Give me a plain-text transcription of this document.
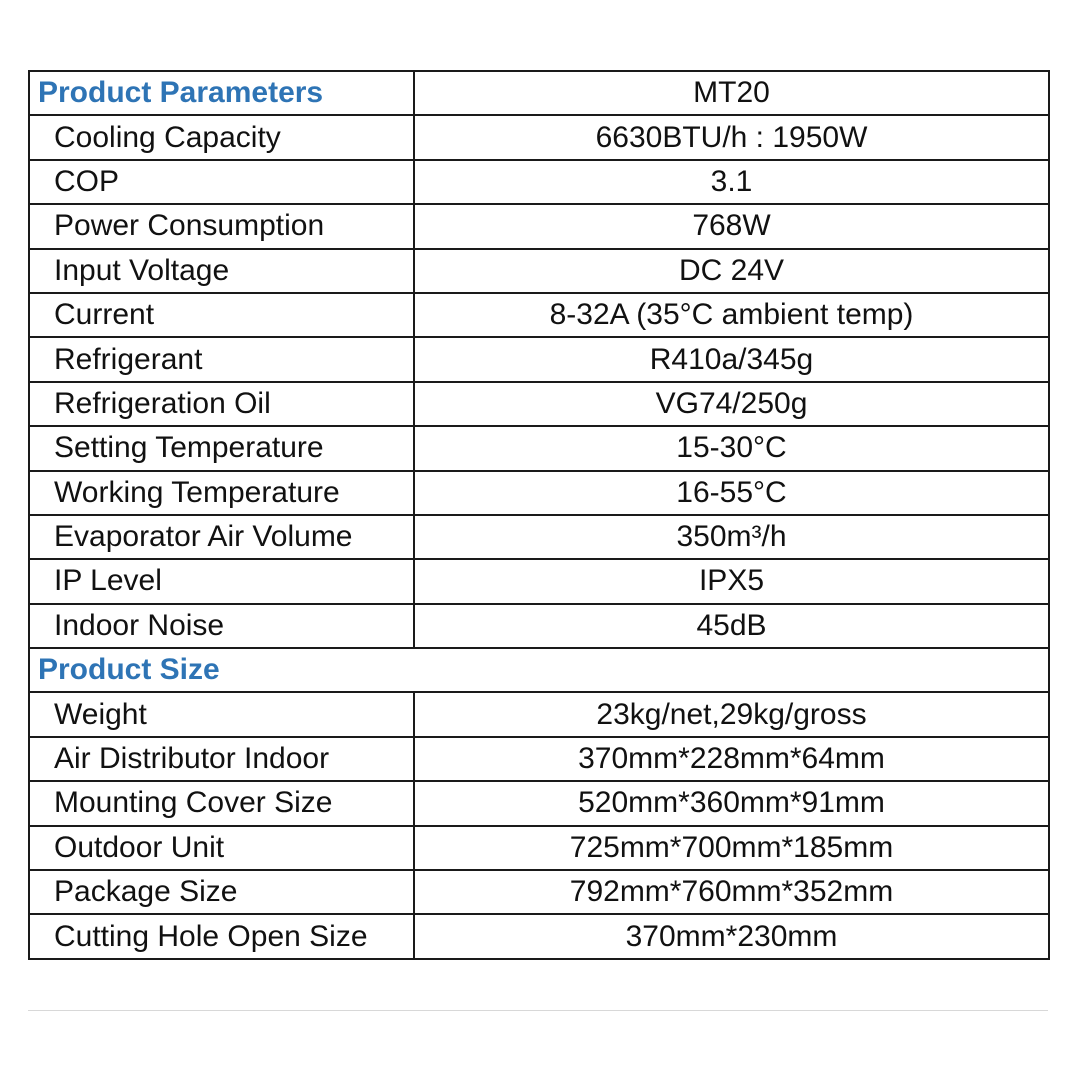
Product Parameters	MT20
Cooling Capacity	6630BTU/h : 1950W
COP	3.1
Power Consumption	768W
Input Voltage	DC 24V
Current	8-32A (35°C ambient temp)
Refrigerant	R410a/345g
Refrigeration Oil	VG74/250g
Setting Temperature	15-30°C
Working Temperature	16-55°C
Evaporator Air Volume	350m³/h
IP Level	IPX5
Indoor Noise	45dB
Product Size	
Weight	23kg/net,29kg/gross
Air Distributor Indoor	370mm*228mm*64mm
Mounting Cover Size	520mm*360mm*91mm
Outdoor Unit	725mm*700mm*185mm
Package Size	792mm*760mm*352mm
Cutting Hole Open Size	370mm*230mm
